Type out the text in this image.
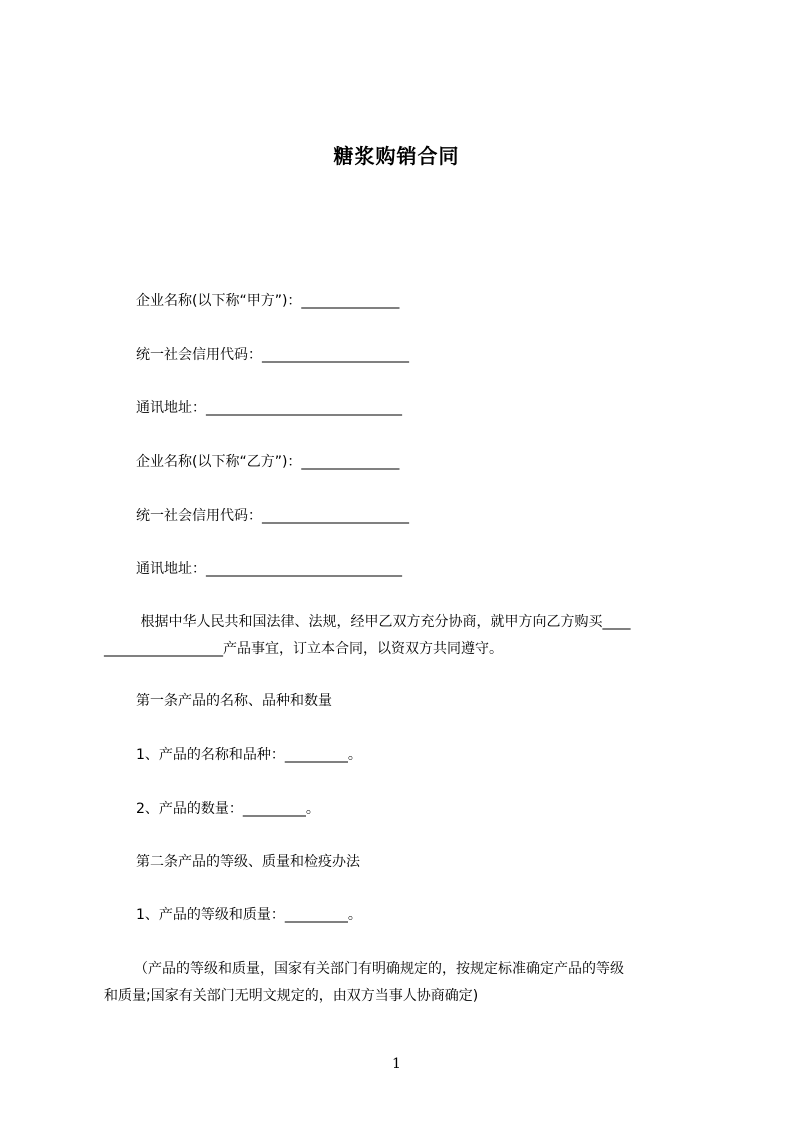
糖浆购销合同
企业名称(以下称“甲方”)：______________
统一社会信用代码：_____________________
通讯地址：____________________________
企业名称(以下称“乙方”)：______________
统一社会信用代码：_____________________
通讯地址：____________________________
根据中华人民共和国法律、法规，经甲乙双方充分协商，就甲方向乙方购买____
_________________产品事宜，订立本合同，以资双方共同遵守。
第一条产品的名称、品种和数量
1、产品的名称和品种：_________。
2、产品的数量：_________。
第二条产品的等级、质量和检疫办法
1、产品的等级和质量：_________。
（产品的等级和质量，国家有关部门有明确规定的，按规定标准确定产品的等级
和质量;国家有关部门无明文规定的，由双方当事人协商确定)
1
